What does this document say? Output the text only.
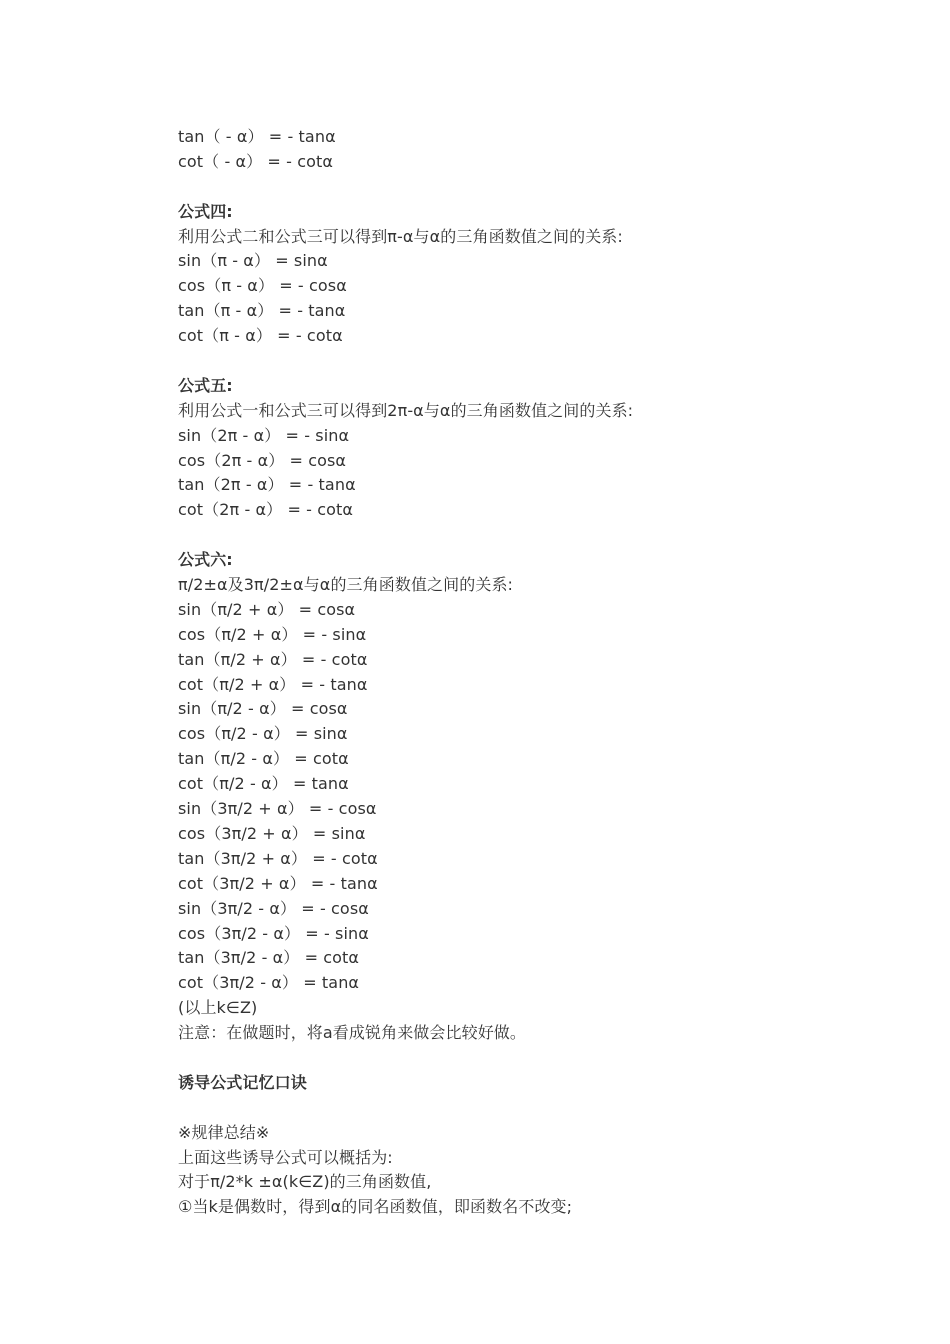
tan（ - α） = - tanα
cot（ - α） = - cotα
公式四:
利用公式二和公式三可以得到π-α与α的三角函数值之间的关系:
sin（π - α） = sinα
cos（π - α） = - cosα
tan（π - α） = - tanα
cot（π - α） = - cotα
公式五:
利用公式一和公式三可以得到2π-α与α的三角函数值之间的关系:
sin（2π - α） = - sinα
cos（2π - α） = cosα
tan（2π - α） = - tanα
cot（2π - α） = - cotα
公式六:
π/2±α及3π/2±α与α的三角函数值之间的关系:
sin（π/2 + α） = cosα
cos（π/2 + α） = - sinα
tan（π/2 + α） = - cotα
cot（π/2 + α） = - tanα
sin（π/2 - α） = cosα
cos（π/2 - α） = sinα
tan（π/2 - α） = cotα
cot（π/2 - α） = tanα
sin（3π/2 + α） = - cosα
cos（3π/2 + α） = sinα
tan（3π/2 + α） = - cotα
cot（3π/2 + α） = - tanα
sin（3π/2 - α） = - cosα
cos（3π/2 - α） = - sinα
tan（3π/2 - α） = cotα
cot（3π/2 - α） = tanα
(以上k∈Z)
注意：在做题时，将a看成锐角来做会比较好做。
诱导公式记忆口诀
※规律总结※
上面这些诱导公式可以概括为:
对于π/2*k ±α(k∈Z)的三角函数值,
①当k是偶数时，得到α的同名函数值，即函数名不改变;
